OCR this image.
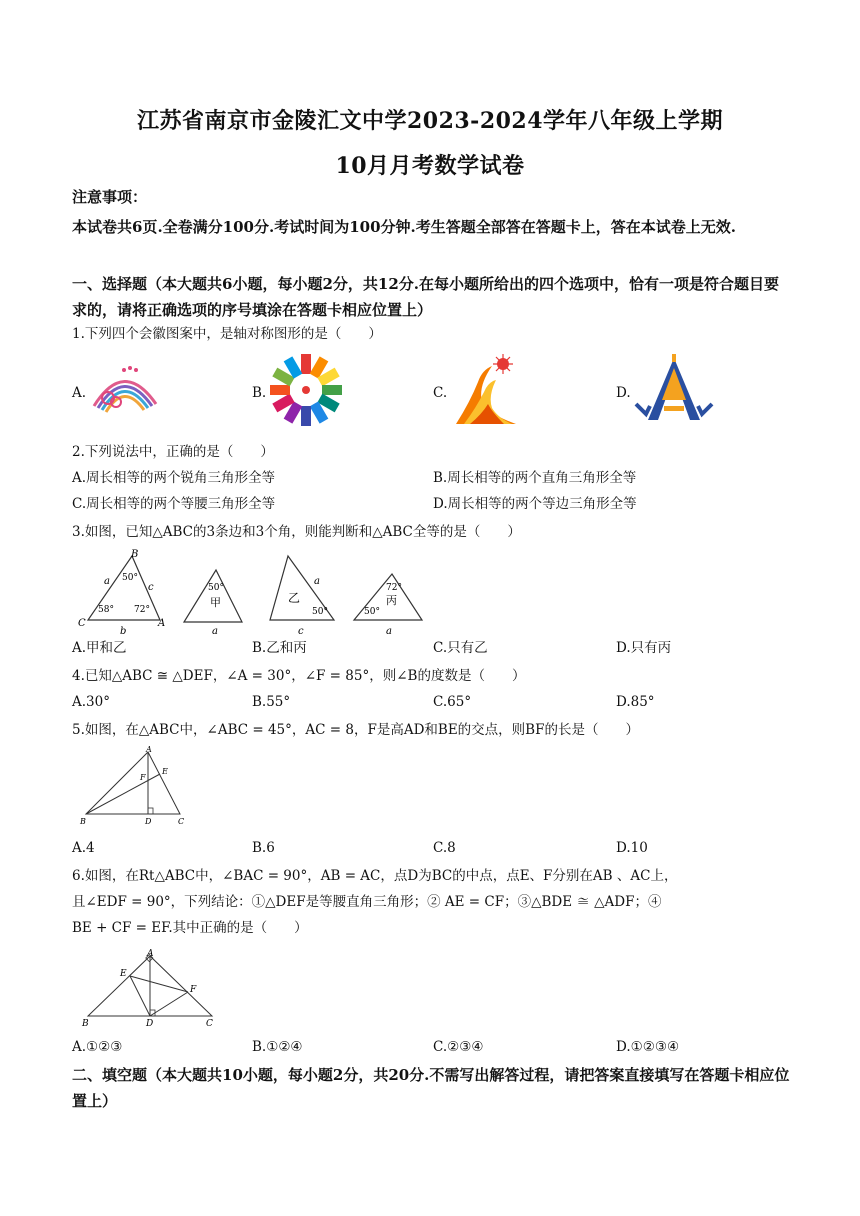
江苏省南京市金陵汇文中学2023-2024学年八年级上学期
10月月考数学试卷
注意事项：
本试卷共6页.全卷满分100分.考试时间为100分钟.考生答题全部答在答题卡上，答在本试卷上无效.
一、选择题（本大题共6小题，每小题2分，共12分.在每小题所给出的四个选项中，恰有一项是符合题目要求的，请将正确选项的序号填涂在答题卡相应位置上）
1.下列四个会徽图案中，是轴对称图形的是（　　）
A.	B.	C.	D.
2.下列说法中，正确的是（　　）
A.周长相等的两个锐角三角形全等	B.周长相等的两个直角三角形全等
C.周长相等的两个等腰三角形全等	D.周长相等的两个等边三角形全等
3.如图，已知△ABC的3条边和3个角，则能判断和△ABC全等的是（　　）
B
C	A
a
c
b
50°
58° 72°
50°
甲
a
a
乙
50°
c
72°
丙
50°
a
A.甲和乙	B.乙和丙	C.只有乙	D.只有丙
4.已知△ABC ≅ △DEF，∠A = 30°，∠F = 85°，则∠B的度数是（　　）
A.30°	B.55°	C.65°	D.85°
5.如图，在△ABC中，∠ABC = 45°，AC = 8，F是高AD和BE的交点，则BF的长是（　　）
A
B	C
D
E
F
A.4	B.6	C.8	D.10
6.如图，在Rt△ABC中，∠BAC = 90°，AB = AC，点D为BC的中点，点E、F分别在AB 、AC上，
且∠EDF = 90°，下列结论：①△DEF是等腰直角三角形；② AE = CF；③△BDE ≅ △ADF；④
BE + CF = EF.其中正确的是（　　）
A
B	C
D
E
F
A.①②③	B.①②④	C.②③④	D.①②③④
二、填空题（本大题共10小题，每小题2分，共20分.不需写出解答过程，请把答案直接填写在答题卡相应位置上）
